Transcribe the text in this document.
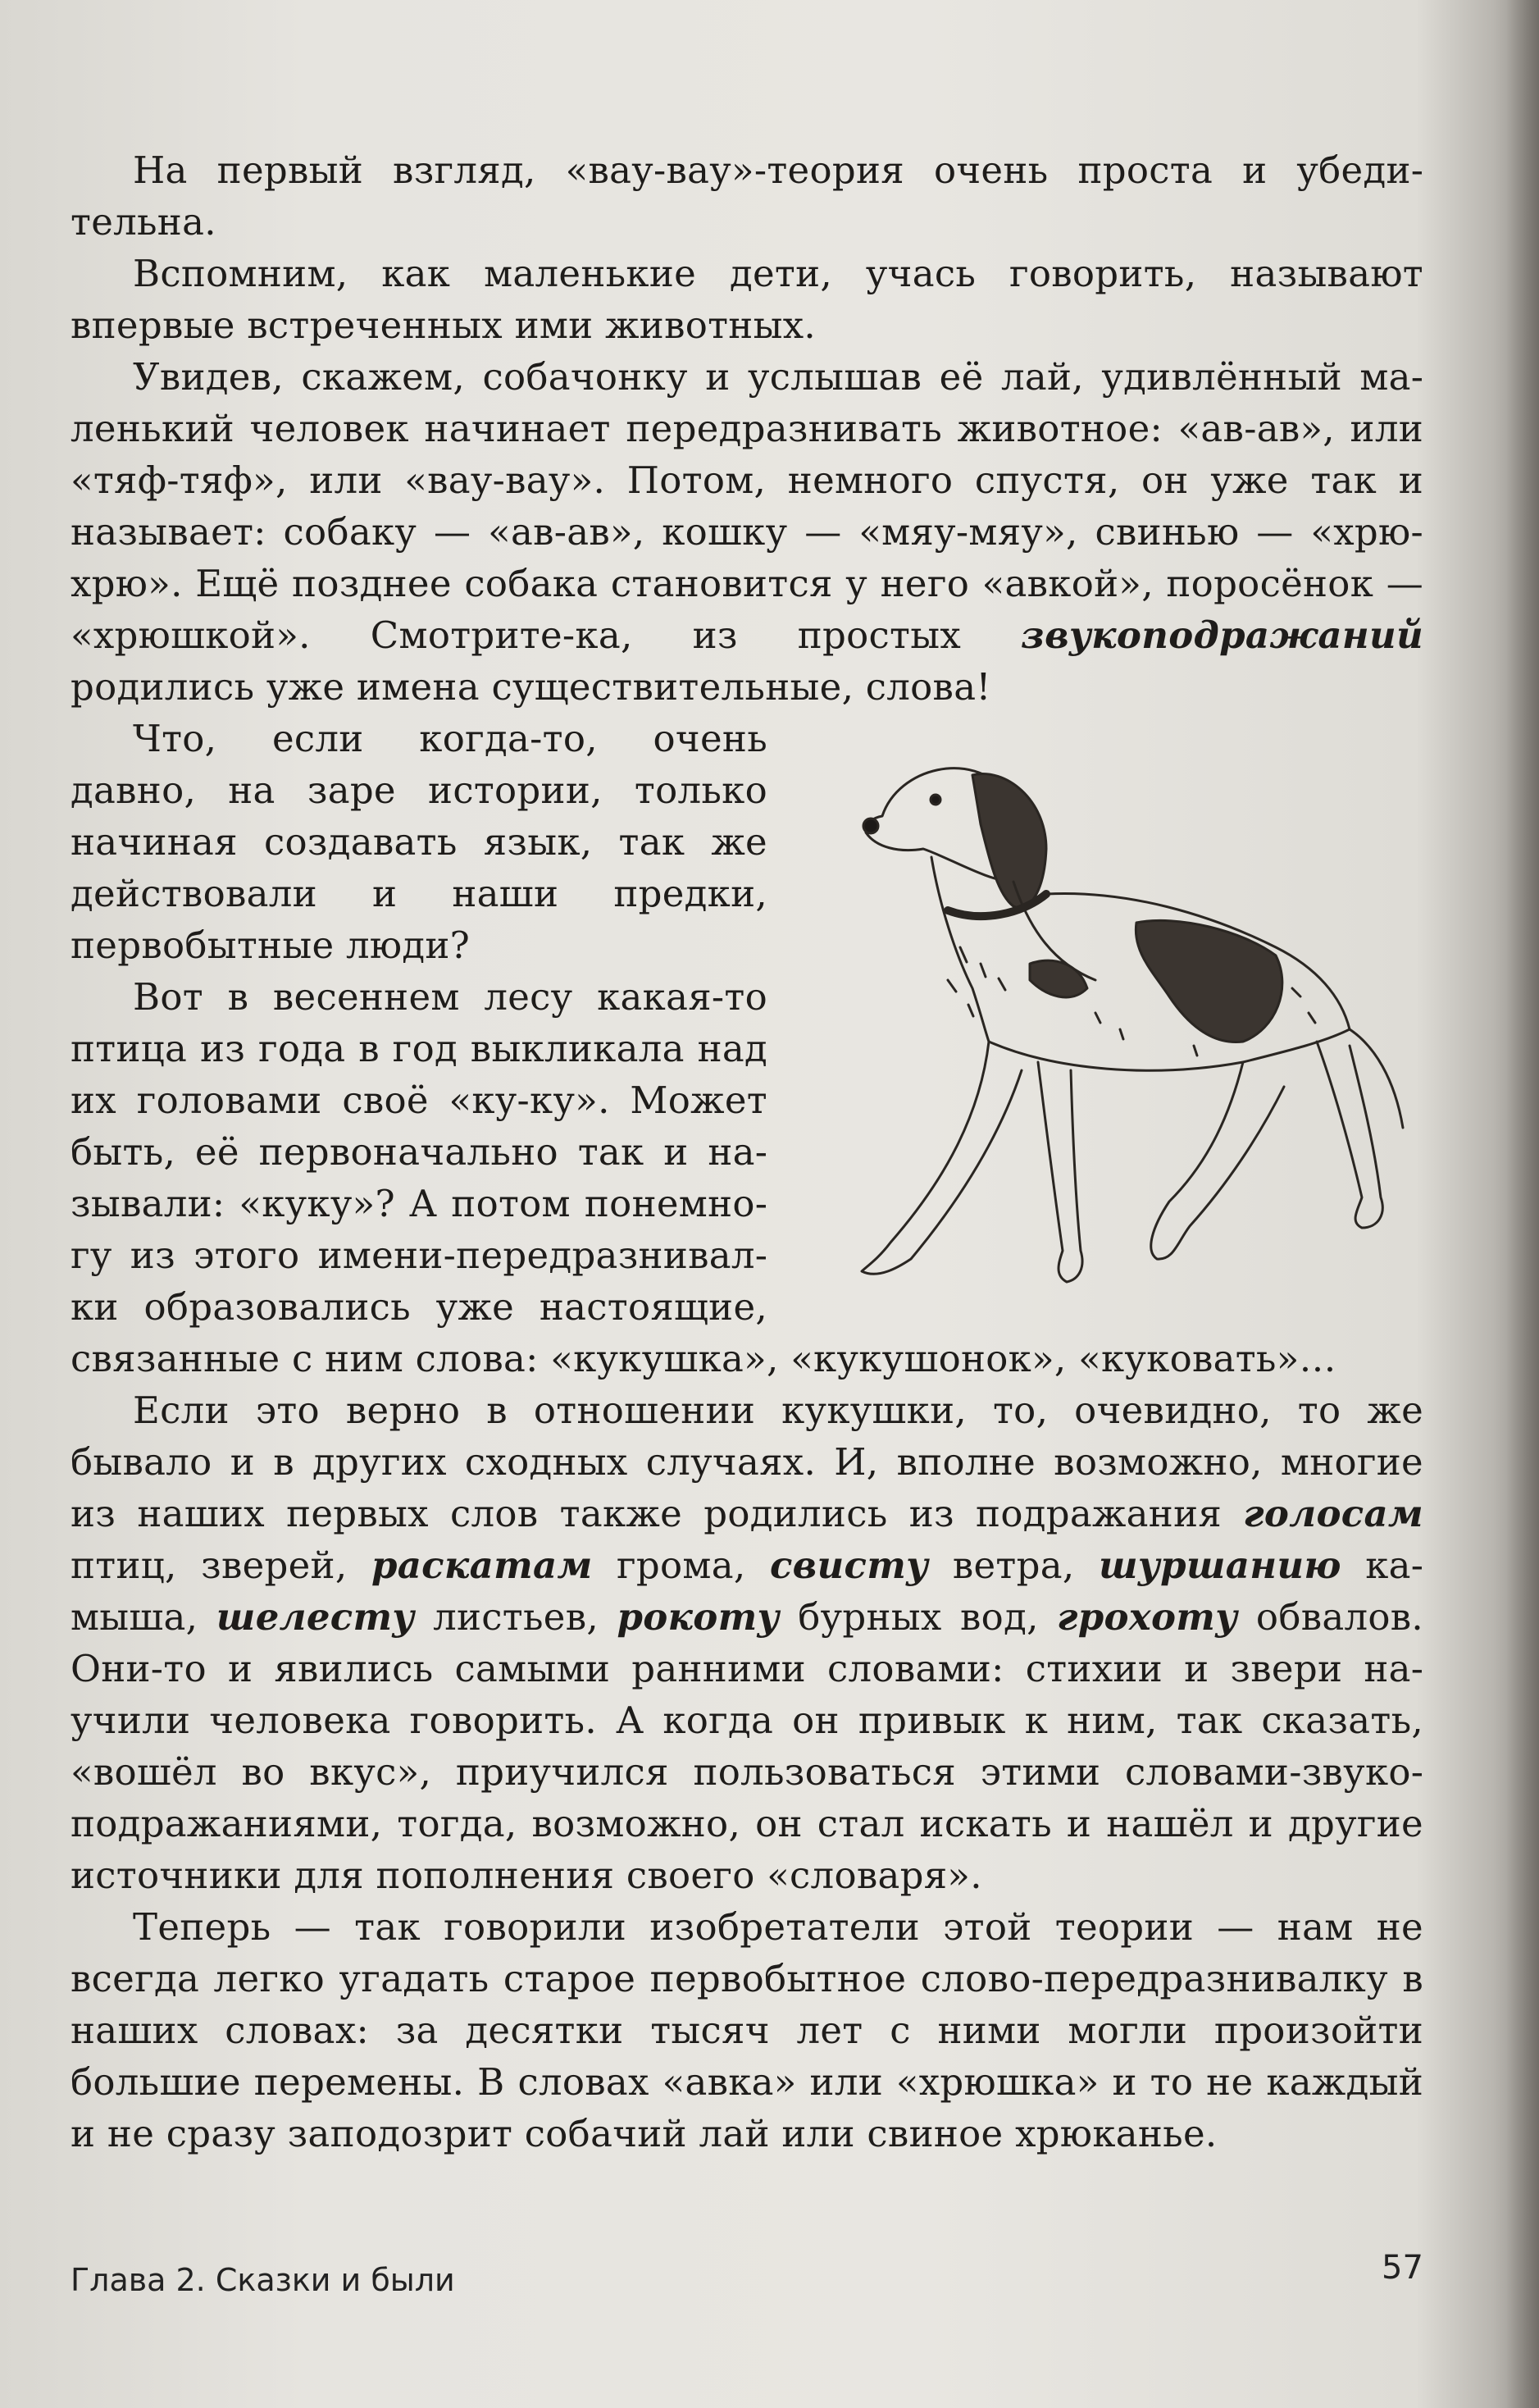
На первый взгляд, «вау-вау»-теория очень проста и убедительна.

Вспомним, как маленькие дети, учась говорить, называют впервые встреченных ими животных.

Увидев, скажем, собачонку и услышав её лай, удивлённый маленький человек начинает передразнивать животное: «ав-ав», или «тяф-тяф», или «вау-вау». Потом, немного спустя, он уже так и называет: собаку — «ав-ав», кошку — «мяу-мяу», свинью — «хрю-хрю». Ещё позднее собака становится у него «авкой», поросёнок — «хрюшкой». Смотрите-ка, из простых звукоподражаний родились уже имена существительные, слова!

Что, если когда-то, очень давно, на заре истории, только начиная создавать язык, так же действовали и наши предки, первобытные люди?

Вот в весеннем лесу какая-то птица из года в год выкликала над их головами своё «ку-ку». Может быть, её первоначально так и называли: «куку»? А потом понемногу из этого имени-передразнивалки образовались уже настоящие, связанные с ним слова: «кукушка», «кукушонок», «куковать»…

Если это верно в отношении кукушки, то, очевидно, то же бывало и в других сходных случаях. И, вполне возможно, многие из наших первых слов также родились из подражания голосам птиц, зверей, раскатам грома, свисту ветра, шуршанию камыша, шелесту листьев, рокоту бурных вод, грохоту обвалов. Они-то и явились самыми ранними словами: стихии и звери научили человека говорить. А когда он привык к ним, так сказать, «вошёл во вкус», приучился пользоваться этими словами-звукоподражаниями, тогда, возможно, он стал искать и нашёл и другие источники для пополнения своего «словаря».

Теперь — так говорили изобретатели этой теории — нам не всегда легко угадать старое первобытное слово-передразнивалку в наших словах: за десятки тысяч лет с ними могли произойти большие перемены. В словах «авка» или «хрюшка» и то не каждый и не сразу заподозрит собачий лай или свиное хрюканье.

Глава 2. Сказки и были	57
